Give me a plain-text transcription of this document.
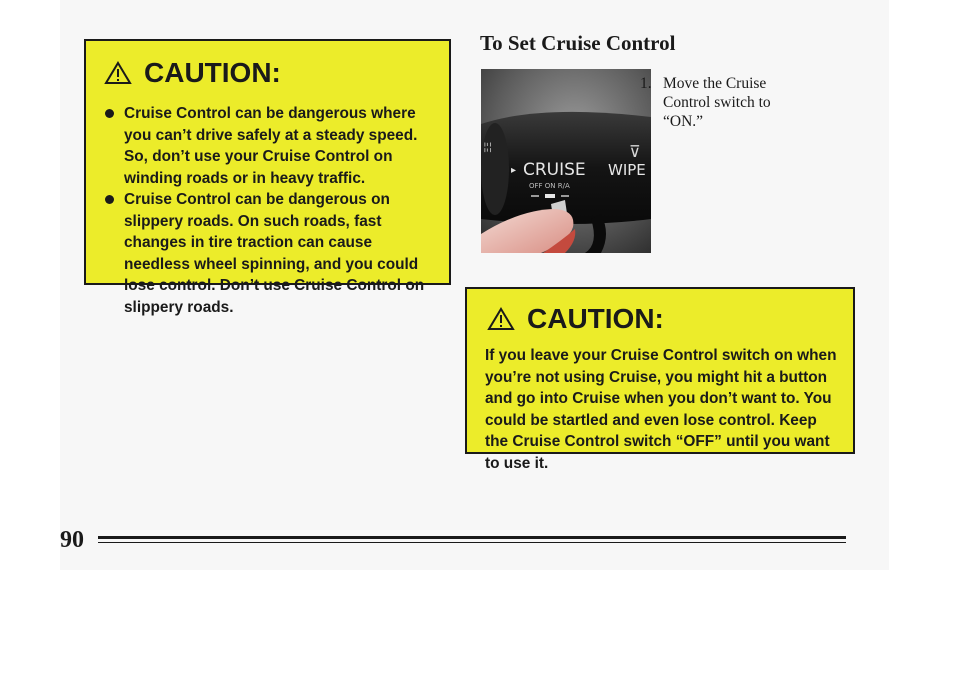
CAUTION:
Cruise Control can be dangerous where you can’t drive safely at a steady speed. So, don’t use your Cruise Control on winding roads or in heavy traffic.
Cruise Control can be dangerous on slippery roads. On such roads, fast changes in tire traction can cause needless wheel spinning, and you could lose control. Don’t use Cruise Control on slippery roads.
To Set Cruise Control
ΞΞ	⊽
▸ CRUISE WIPE
OFF ON R/A
1. Move the Cruise Control switch to “ON.”
CAUTION:

If you leave your Cruise Control switch on when you’re not using Cruise, you might hit a button and go into Cruise when you don’t want to. You could be startled and even lose control. Keep the Cruise Control switch “OFF” until you want to use it.

90
